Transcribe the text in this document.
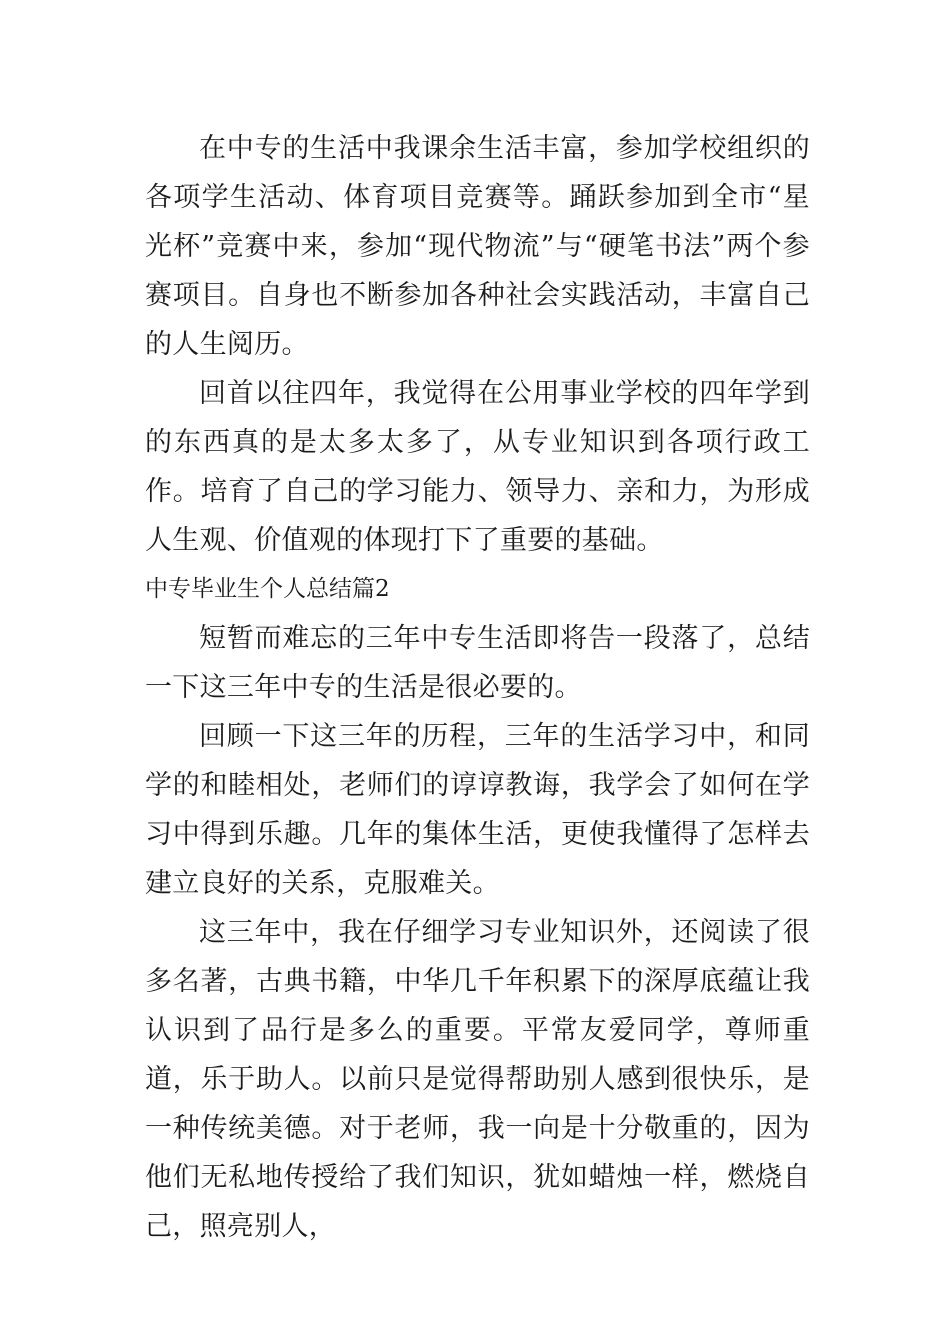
在中专的生活中我课余生活丰富，参加学校组织的各项学生活动、体育项目竞赛等。踊跃参加到全市“星光杯”竞赛中来，参加“现代物流”与“硬笔书法”两个参赛项目。自身也不断参加各种社会实践活动，丰富自己的人生阅历。

回首以往四年，我觉得在公用事业学校的四年学到的东西真的是太多太多了，从专业知识到各项行政工作。培育了自己的学习能力、领导力、亲和力，为形成人生观、价值观的体现打下了重要的基础。

中专毕业生个人总结篇2

短暂而难忘的三年中专生活即将告一段落了，总结一下这三年中专的生活是很必要的。

回顾一下这三年的历程，三年的生活学习中，和同学的和睦相处，老师们的谆谆教诲，我学会了如何在学习中得到乐趣。几年的集体生活，更使我懂得了怎样去建立良好的关系，克服难关。

这三年中，我在仔细学习专业知识外，还阅读了很多名著，古典书籍，中华几千年积累下的深厚底蕴让我认识到了品行是多么的重要。平常友爱同学，尊师重道，乐于助人。以前只是觉得帮助别人感到很快乐，是一种传统美德。对于老师，我一向是十分敬重的，因为他们无私地传授给了我们知识，犹如蜡烛一样，燃烧自己，照亮别人，
